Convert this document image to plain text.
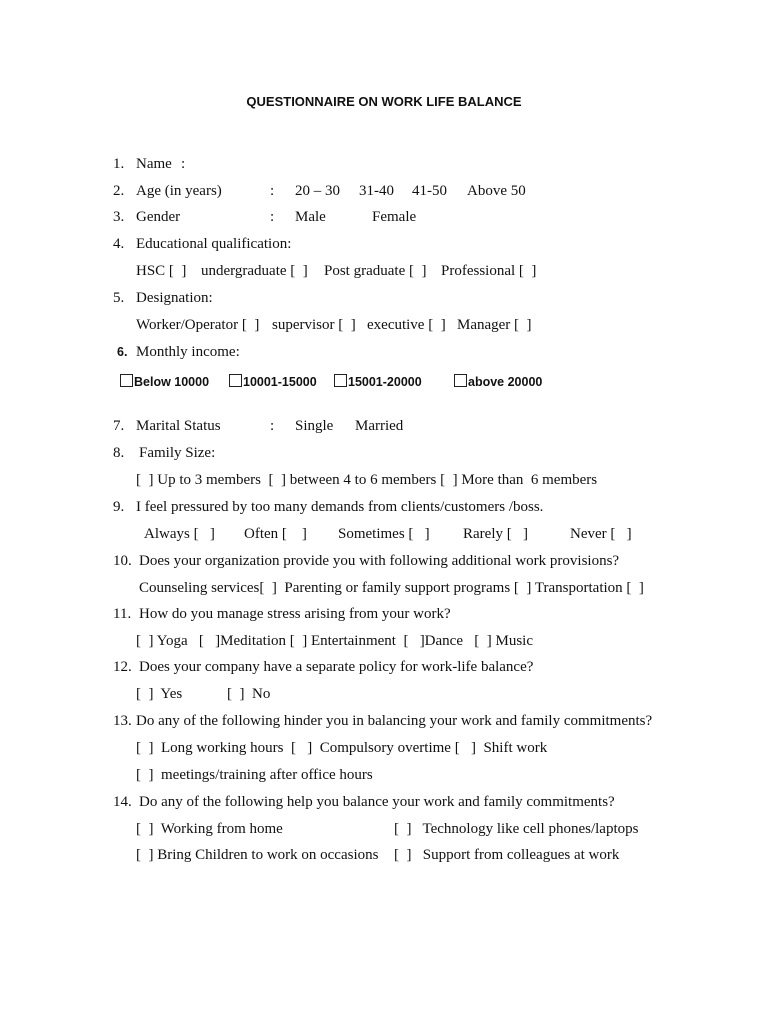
QUESTIONNAIRE ON WORK LIFE BALANCE
1. Name :
2. Age (in years)	: 20 – 30 31-40 41-50 Above 50
3. Gender	: Male	Female
4. Educational qualification:
HSC [  ] undergraduate [  ] Post graduate [  ] Professional [  ]
5. Designation:
Worker/Operator [  ] supervisor [  ] executive [  ] Manager [  ]
6. Monthly income:
Below 10000	10001-15000	15001-20000	above 20000
7. Marital Status	: Single Married
8. Family Size:
[  ] Up to 3 members  [  ] between 4 to 6 members [  ] More than  6 members
9. I feel pressured by too many demands from clients/customers /boss.
Always [   ] Often [    ] Sometimes [   ] Rarely [   ]	Never [   ]
10. Does your organization provide you with following additional work provisions?
Counseling services[  ]  Parenting or family support programs [  ] Transportation [  ]
11. How do you manage stress arising from your work?
[  ] Yoga   [   ]Meditation [  ] Entertainment  [   ]Dance   [  ] Music
12. Does your company have a separate policy for work-life balance?
[  ]  Yes	[  ]  No
13. Do any of the following hinder you in balancing your work and family commitments?
[  ]  Long working hours  [   ]  Compulsory overtime [   ]  Shift work
[  ]  meetings/training after office hours
14. Do any of the following help you balance your work and family commitments?
[  ]  Working from home	[  ]   Technology like cell phones/laptops
[  ] Bring Children to work on occasions [  ]   Support from colleagues at work
